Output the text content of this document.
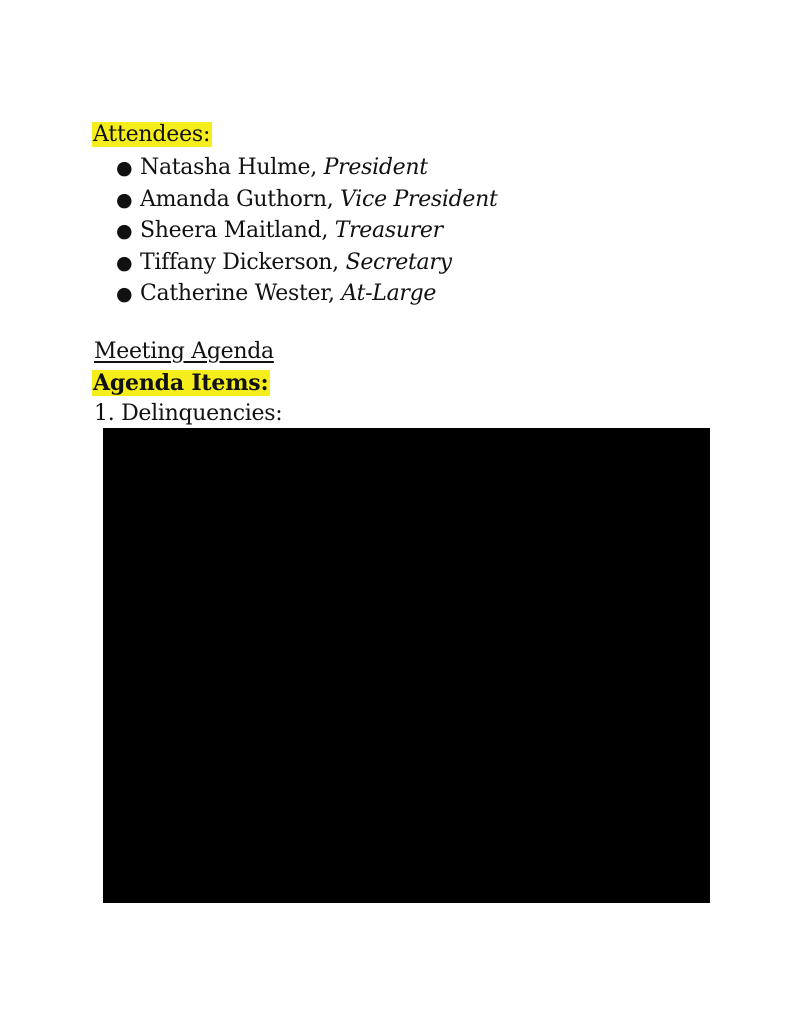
Attendees:
● Natasha Hulme, President
● Amanda Guthorn, Vice President
● Sheera Maitland, Treasurer
● Tiffany Dickerson, Secretary
● Catherine Wester, At-Large
Meeting Agenda
Agenda Items:
1. Delinquencies:
